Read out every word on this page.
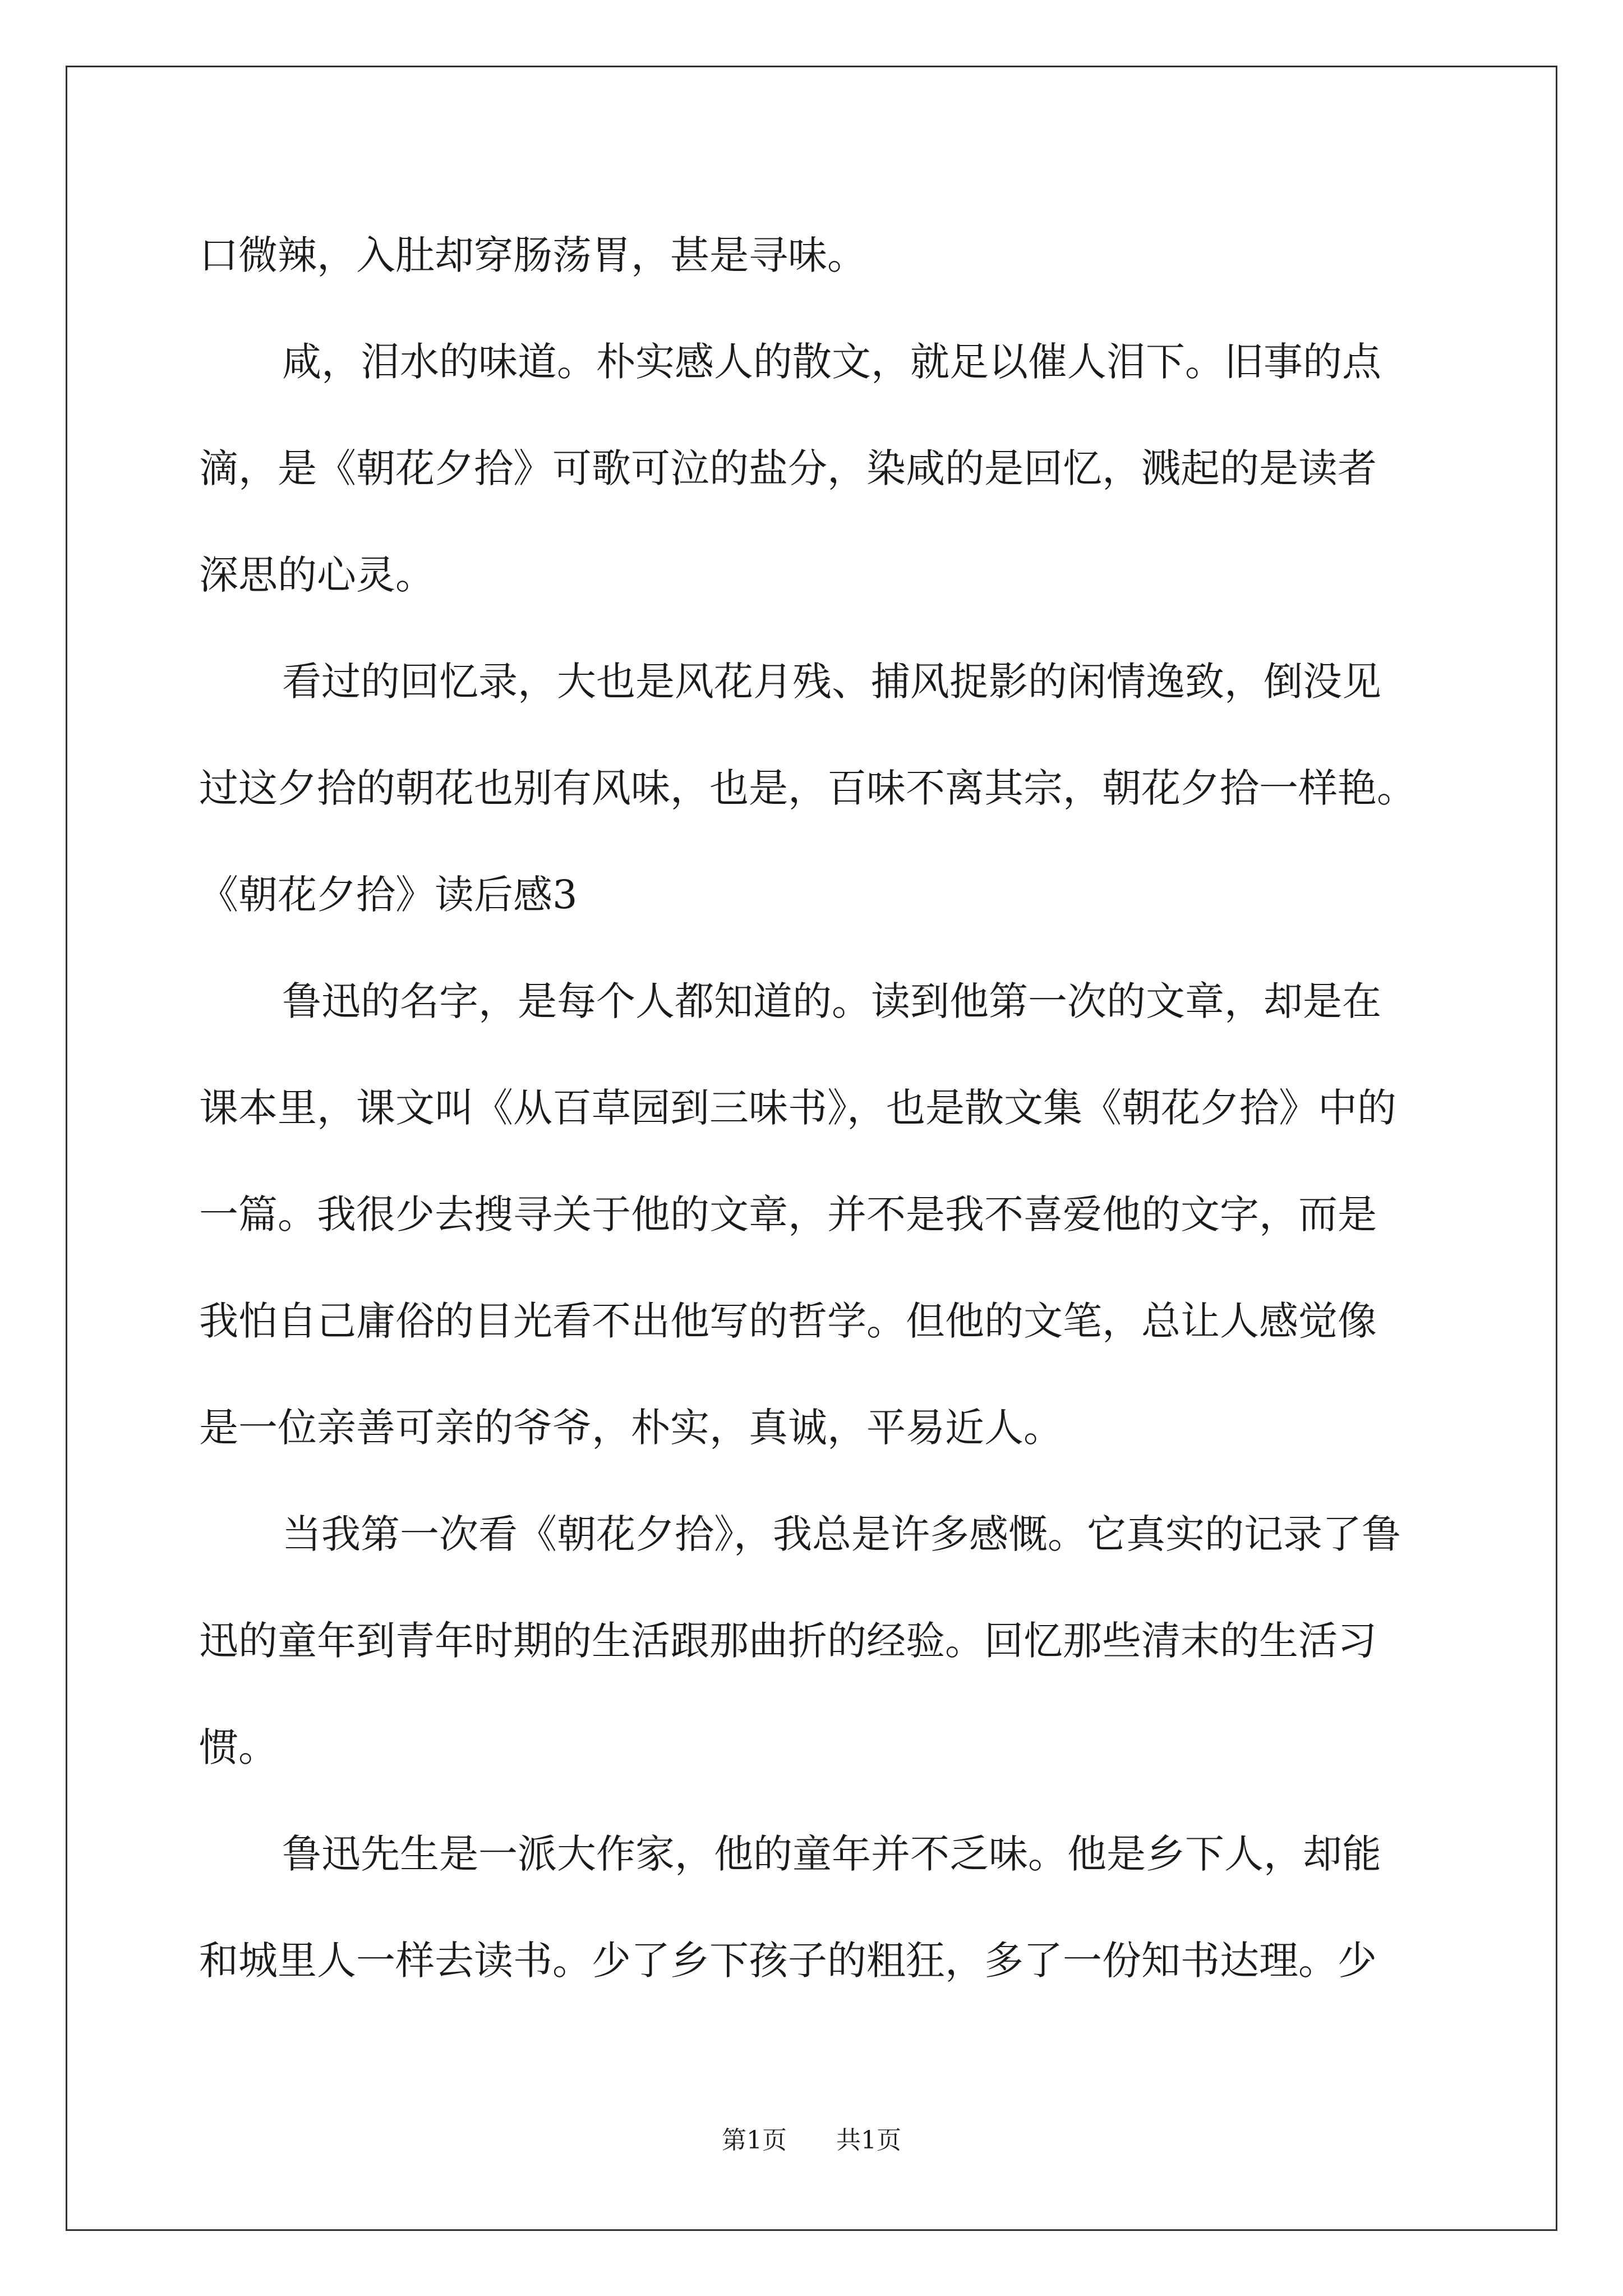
口微辣，入肚却穿肠荡胃，甚是寻味。
咸，泪水的味道。朴实感人的散文，就足以催人泪下。旧事的点
滴，是《朝花夕拾》可歌可泣的盐分，染咸的是回忆，溅起的是读者
深思的心灵。
看过的回忆录，大也是风花月残、捕风捉影的闲情逸致，倒没见
过这夕拾的朝花也别有风味，也是，百味不离其宗，朝花夕拾一样艳。
《朝花夕拾》读后感3
鲁迅的名字，是每个人都知道的。读到他第一次的文章，却是在
课本里，课文叫《从百草园到三味书》，也是散文集《朝花夕拾》中的
一篇。我很少去搜寻关于他的文章，并不是我不喜爱他的文字，而是
我怕自己庸俗的目光看不出他写的哲学。但他的文笔，总让人感觉像
是一位亲善可亲的爷爷，朴实，真诚，平易近人。
当我第一次看《朝花夕拾》，我总是许多感慨。它真实的记录了鲁
迅的童年到青年时期的生活跟那曲折的经验。回忆那些清末的生活习
惯。
鲁迅先生是一派大作家，他的童年并不乏味。他是乡下人，却能
和城里人一样去读书。少了乡下孩子的粗狂，多了一份知书达理。少
第1页 共1页
